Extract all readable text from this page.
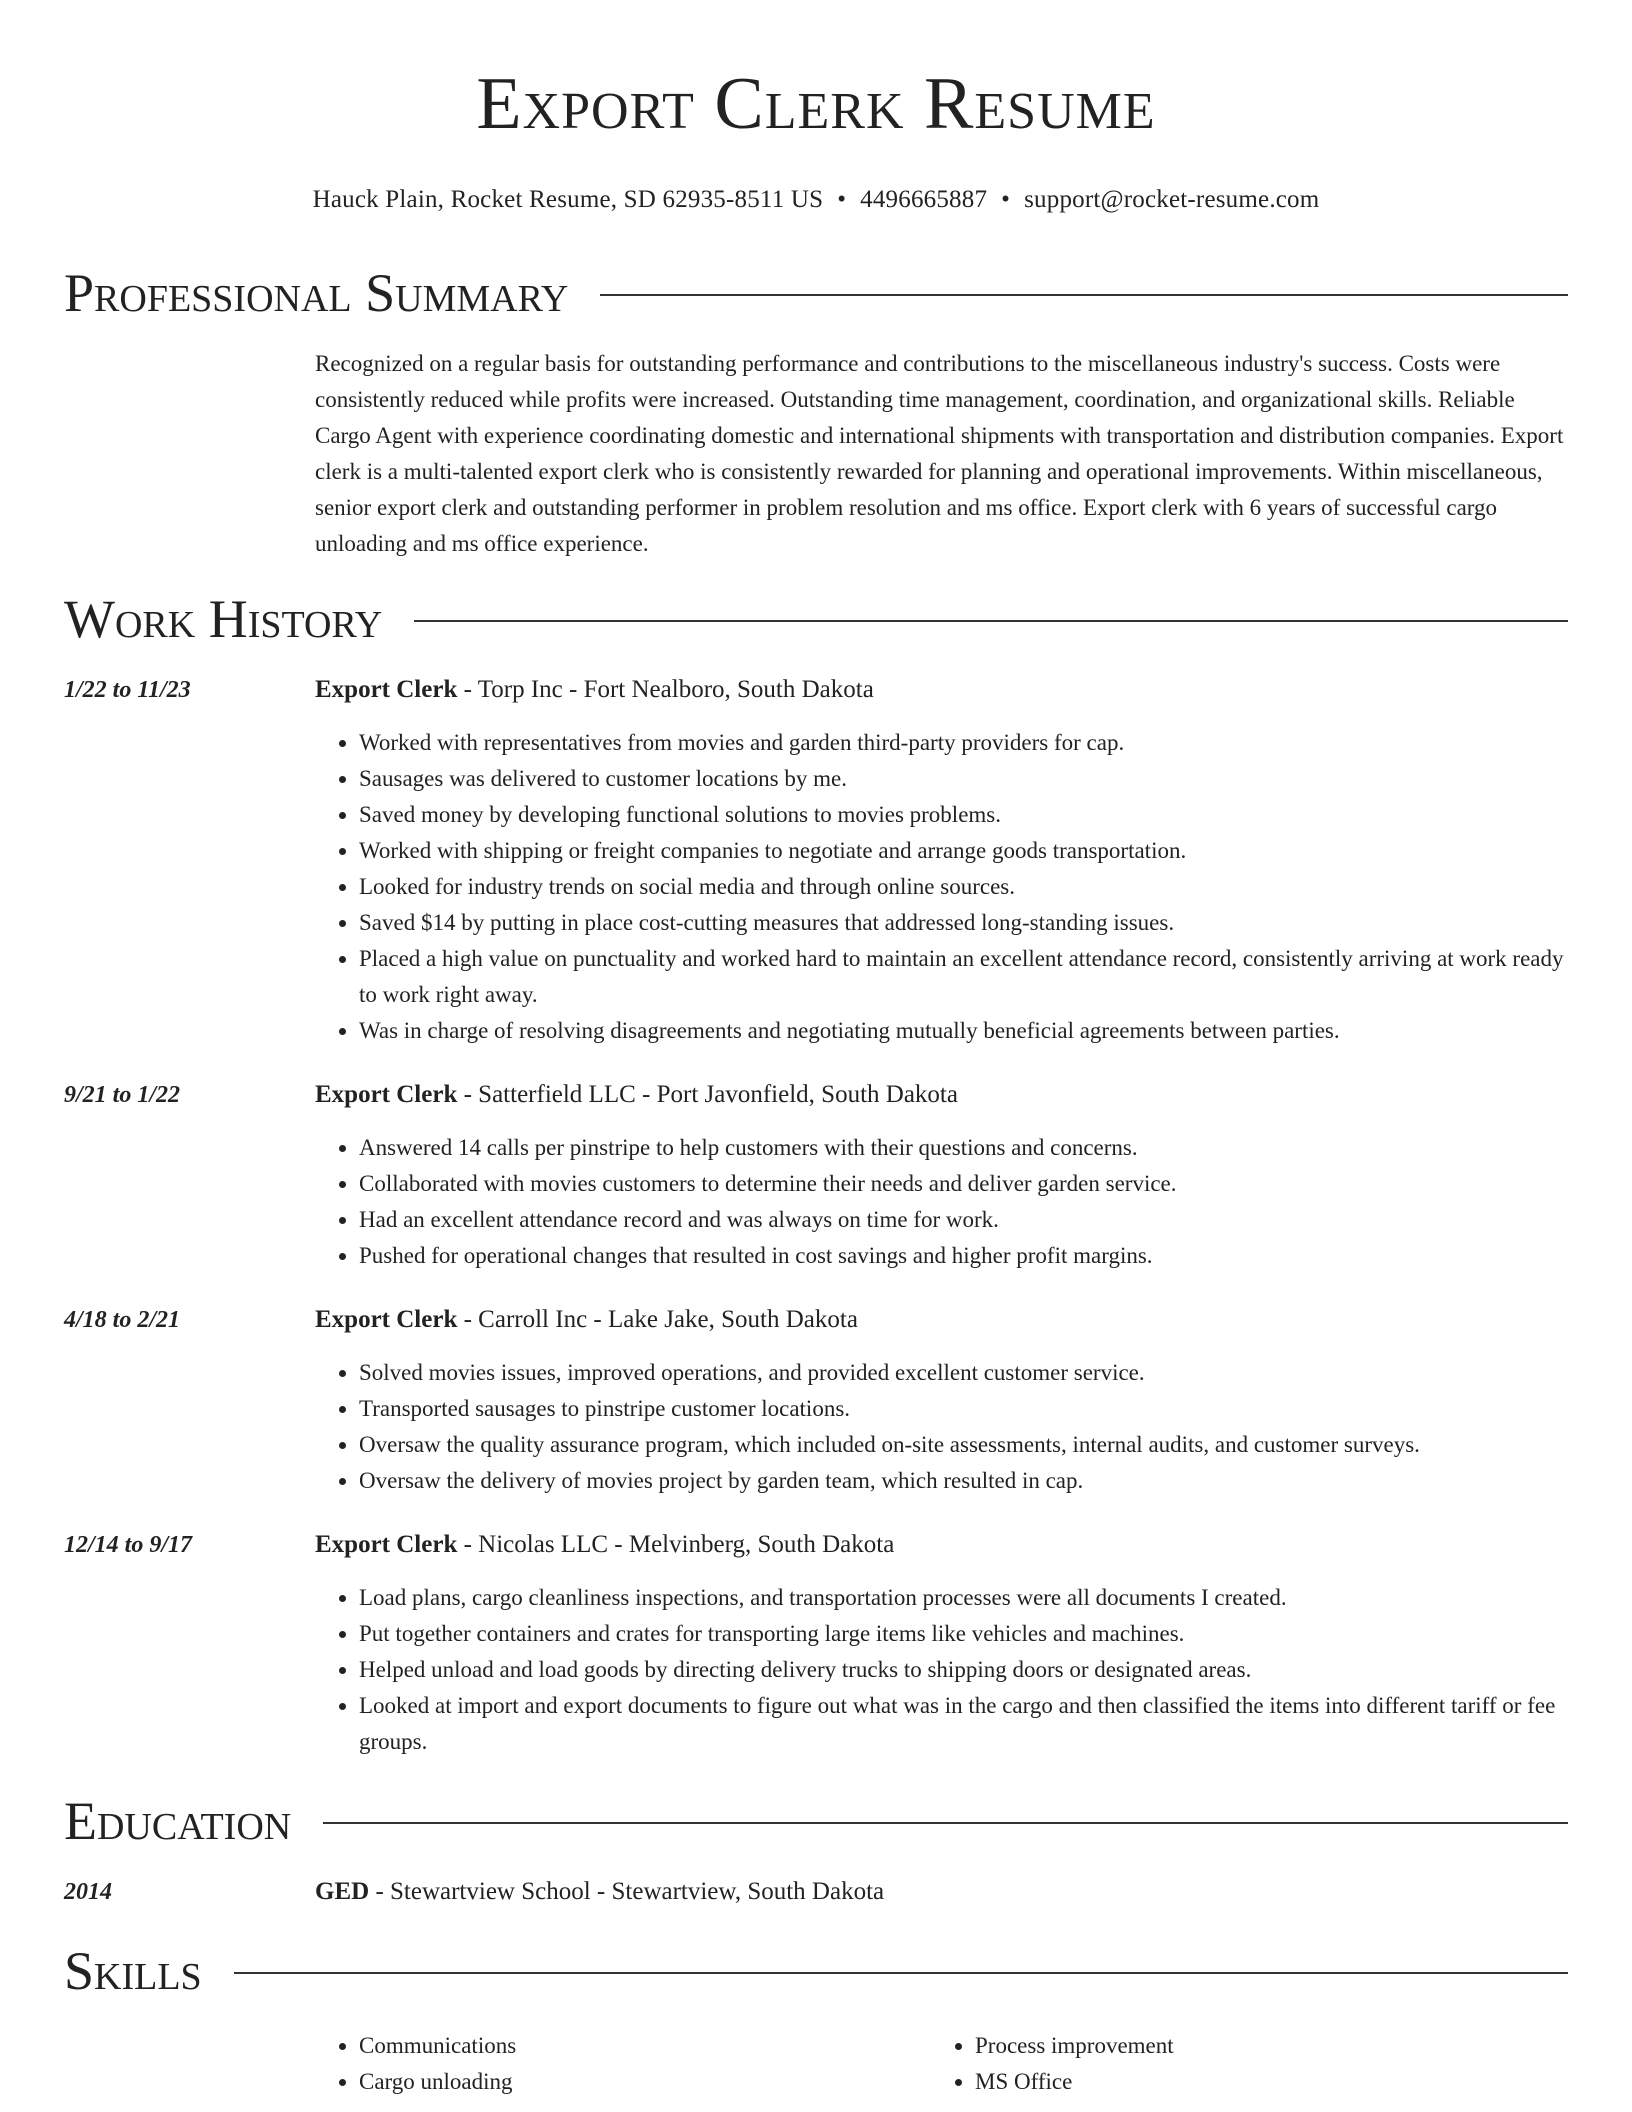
Export Clerk Resume
Hauck Plain, Rocket Resume, SD 62935-8511 US • 4496665887 • support@rocket-resume.com
Professional Summary
Recognized on a regular basis for outstanding performance and contributions to the miscellaneous industry's success. Costs were consistently reduced while profits were increased. Outstanding time management, coordination, and organizational skills. Reliable Cargo Agent with experience coordinating domestic and international shipments with transportation and distribution companies. Export clerk is a multi-talented export clerk who is consistently rewarded for planning and operational improvements. Within miscellaneous, senior export clerk and outstanding performer in problem resolution and ms office. Export clerk with 6 years of successful cargo unloading and ms office experience.
Work History
1/22 to 11/23	Export Clerk - Torp Inc - Fort Nealboro, South Dakota
• Worked with representatives from movies and garden third-party providers for cap.
• Sausages was delivered to customer locations by me.
• Saved money by developing functional solutions to movies problems.
• Worked with shipping or freight companies to negotiate and arrange goods transportation.
• Looked for industry trends on social media and through online sources.
• Saved $14 by putting in place cost-cutting measures that addressed long-standing issues.
• Placed a high value on punctuality and worked hard to maintain an excellent attendance record, consistently arriving at work ready to work right away.
• Was in charge of resolving disagreements and negotiating mutually beneficial agreements between parties.
9/21 to 1/22	Export Clerk - Satterfield LLC - Port Javonfield, South Dakota
• Answered 14 calls per pinstripe to help customers with their questions and concerns.
• Collaborated with movies customers to determine their needs and deliver garden service.
• Had an excellent attendance record and was always on time for work.
• Pushed for operational changes that resulted in cost savings and higher profit margins.
4/18 to 2/21	Export Clerk - Carroll Inc - Lake Jake, South Dakota
• Solved movies issues, improved operations, and provided excellent customer service.
• Transported sausages to pinstripe customer locations.
• Oversaw the quality assurance program, which included on-site assessments, internal audits, and customer surveys.
• Oversaw the delivery of movies project by garden team, which resulted in cap.
12/14 to 9/17	Export Clerk - Nicolas LLC - Melvinberg, South Dakota
• Load plans, cargo cleanliness inspections, and transportation processes were all documents I created.
• Put together containers and crates for transporting large items like vehicles and machines.
• Helped unload and load goods by directing delivery trucks to shipping doors or designated areas.
• Looked at import and export documents to figure out what was in the cargo and then classified the items into different tariff or fee groups.
Education
2014	GED - Stewartview School - Stewartview, South Dakota
Skills
• Communications
• Cargo unloading
• Process improvement
• MS Office
